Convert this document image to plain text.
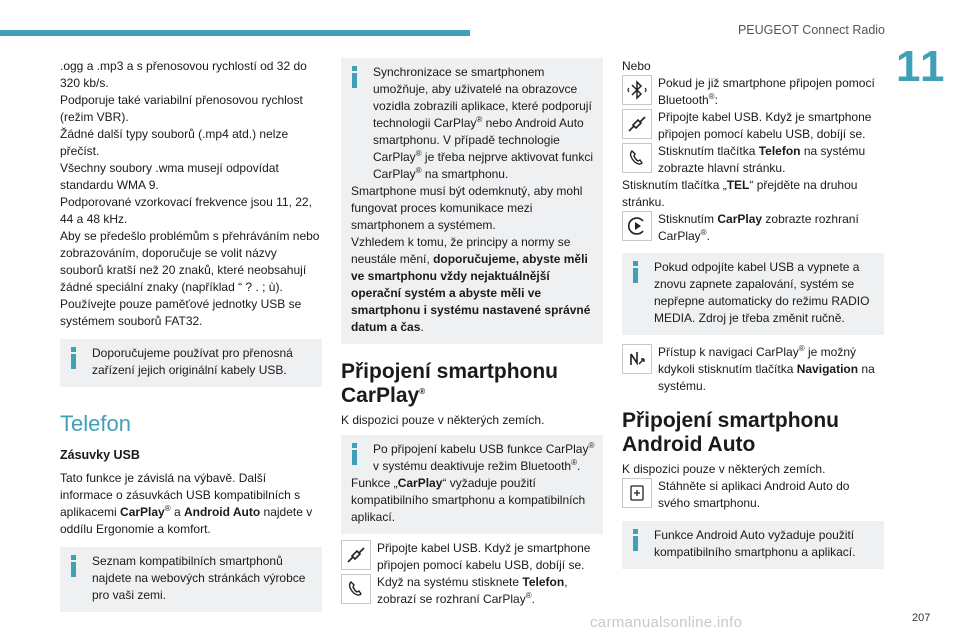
PEUGEOT Connect Radio
11

.ogg a .mp3 a s přenosovou rychlostí od 32 do 320 kb/s.

Podporuje také variabilní přenosovou rychlost (režim VBR).

Žádné další typy souborů (.mp4 atd.) nelze přečíst.

Všechny soubory .wma musejí odpovídat standardu WMA 9.

Podporované vzorkovací frekvence jsou 11, 22, 44 a 48 kHz.

Aby se předešlo problémům s přehráváním nebo zobrazováním, doporučuje se volit názvy souborů kratší než 20 znaků, které neobsahují žádné speciální znaky (například “ ? . ; ù).

Používejte pouze paměťové jednotky USB se systémem souborů FAT32.

Doporučujeme používat pro přenosná zařízení jejich originální kabely USB.

Telefon
Zásuvky USB

Tato funkce je závislá na výbavě. Další informace o zásuvkách USB kompatibilních s aplikacemi CarPlay® a Android Auto najdete v oddílu Ergonomie a komfort.

Seznam kompatibilních smartphonů najdete na webových stránkách výrobce pro vaši zemi.

Synchronizace se smartphonem umožňuje, aby uživatelé na obrazovce vozidla zobrazili aplikace, které podporují technologii CarPlay® nebo Android Auto smartphonu. V případě technologie CarPlay® je třeba nejprve aktivovat funkci CarPlay® na smartphonu.

Smartphone musí být odemknutý, aby mohl fungovat proces komunikace mezi smartphonem a systémem.

Vzhledem k tomu, že principy a normy se neustále mění, doporučujeme, abyste měli ve smartphonu vždy nejaktuálnější operační systém a abyste měli ve smartphonu i systému nastavené správné datum a čas.

Připojení smartphonu CarPlay®

K dispozici pouze v některých zemích.

Po připojení kabelu USB funkce CarPlay® v systému deaktivuje režim Bluetooth®.

Funkce „CarPlay“ vyžaduje použití kompatibilního smartphonu a kompatibilních aplikací.

Připojte kabel USB. Když je smartphone připojen pomocí kabelu USB, dobíjí se.

Když na systému stisknete Telefon, zobrazí se rozhraní CarPlay®.

Nebo

Pokud je již smartphone připojen pomocí Bluetooth®:

Připojte kabel USB. Když je smartphone připojen pomocí kabelu USB, dobíjí se.

Stisknutím tlačítka Telefon na systému zobrazte hlavní stránku.

Stisknutím tlačítka „TEL“ přejděte na druhou stránku.

Stisknutím CarPlay zobrazte rozhraní CarPlay®.

Pokud odpojíte kabel USB a vypnete a znovu zapnete zapalování, systém se nepřepne automaticky do režimu RADIO MEDIA. Zdroj je třeba změnit ručně.

Přístup k navigaci CarPlay® je možný kdykoli stisknutím tlačítka Navigation na systému.

Připojení smartphonu Android Auto

K dispozici pouze v některých zemích.

Stáhněte si aplikaci Android Auto do svého smartphonu.

Funkce Android Auto vyžaduje použití kompatibilního smartphonu a aplikací.

carmanualsonline.info	207
